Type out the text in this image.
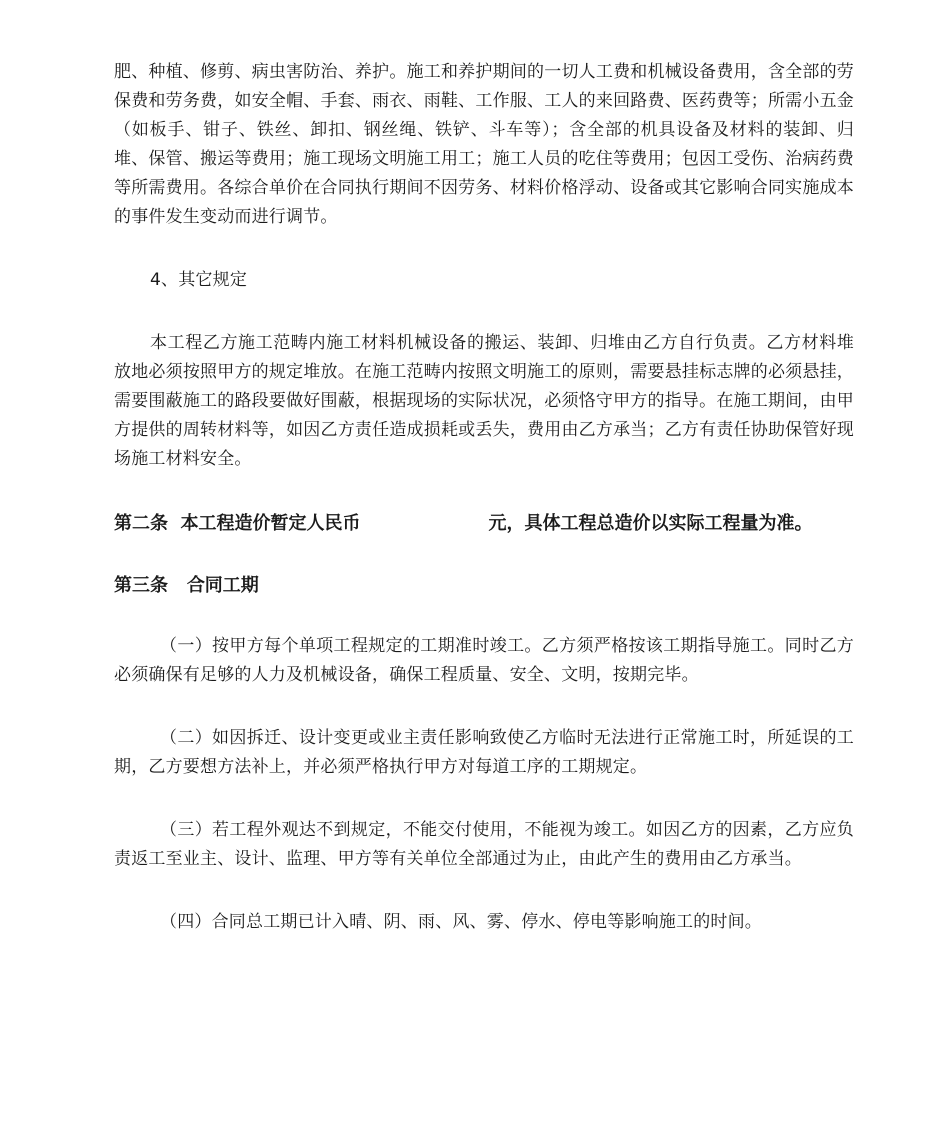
肥、种植、修剪、病虫害防治、养护。施工和养护期间的一切人工费和机械设备费用，含全部的劳保费和劳务费，如安全帽、手套、雨衣、雨鞋、工作服、工人的来回路费、医药费等；所需小五金（如板手、钳子、铁丝、卸扣、钢丝绳、铁铲、斗车等）；含全部的机具设备及材料的装卸、归堆、保管、搬运等费用；施工现场文明施工用工；施工人员的吃住等费用；包因工受伤、治病药费等所需费用。各综合单价在合同执行期间不因劳务、材料价格浮动、设备或其它影响合同实施成本的事件发生变动而进行调节。

4、其它规定

本工程乙方施工范畴内施工材料机械设备的搬运、装卸、归堆由乙方自行负责。乙方材料堆放地必须按照甲方的规定堆放。在施工范畴内按照文明施工的原则，需要悬挂标志牌的必须悬挂，需要围蔽施工的路段要做好围蔽，根据现场的实际状况，必须恪守甲方的指导。在施工期间，由甲方提供的周转材料等，如因乙方责任造成损耗或丢失，费用由乙方承当；乙方有责任协助保管好现场施工材料安全。

第二条 本工程造价暂定人民币	元，具体工程总造价以实际工程量为准。

第三条 合同工期

（一）按甲方每个单项工程规定的工期准时竣工。乙方须严格按该工期指导施工。同时乙方必须确保有足够的人力及机械设备，确保工程质量、安全、文明，按期完毕。

（二）如因拆迁、设计变更或业主责任影响致使乙方临时无法进行正常施工时，所延误的工期，乙方要想方法补上，并必须严格执行甲方对每道工序的工期规定。

（三）若工程外观达不到规定，不能交付使用，不能视为竣工。如因乙方的因素，乙方应负责返工至业主、设计、监理、甲方等有关单位全部通过为止，由此产生的费用由乙方承当。

（四）合同总工期已计入晴、阴、雨、风、雾、停水、停电等影响施工的时间。
